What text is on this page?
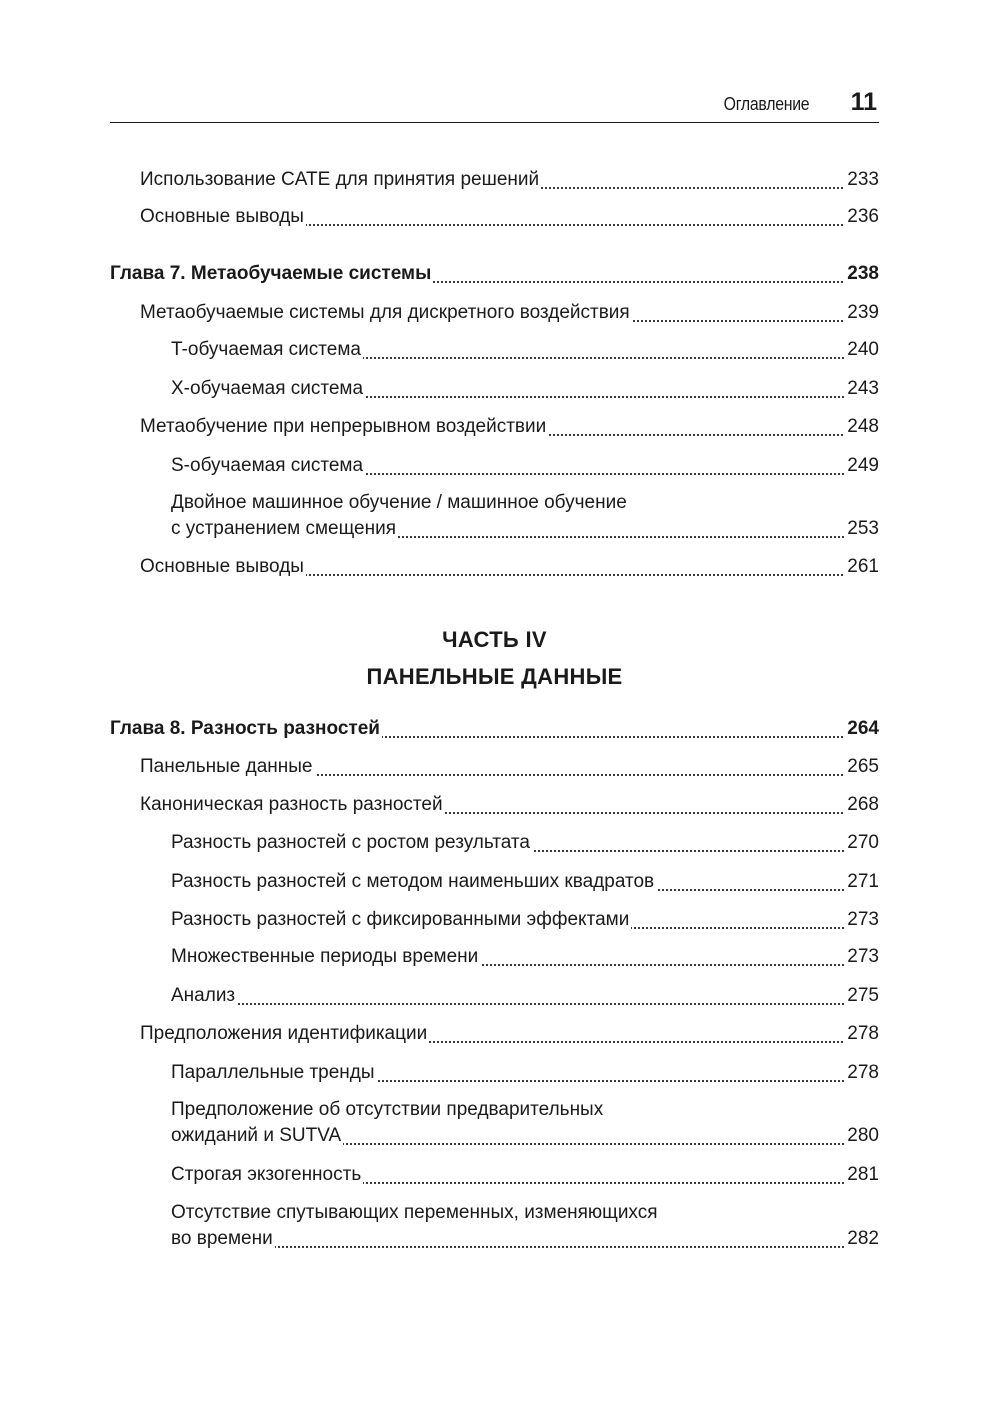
Оглавление 11
Использование CATE для принятия решений	233
Основные выводы	236
Глава 7. Метаобучаемые системы	238
Метаобучаемые системы для дискретного воздействия	239
T-обучаемая система	240
X-обучаемая система	243
Метаобучение при непрерывном воздействии	248
S-обучаемая система	249
Двойное машинное обучение / машинное обучение
с устранением смещения	253
Основные выводы	261
ЧАСТЬ IV
ПАНЕЛЬНЫЕ ДАННЫЕ
Глава 8. Разность разностей	264
Панельные данные	265
Каноническая разность разностей	268
Разность разностей с ростом результата	270
Разность разностей с методом наименьших квадратов	271
Разность разностей с фиксированными эффектами	273
Множественные периоды времени	273
Анализ	275
Предположения идентификации	278
Параллельные тренды	278
Предположение об отсутствии предварительных
ожиданий и SUTVA	280
Строгая экзогенность	281
Отсутствие спутывающих переменных, изменяющихся
во времени	282
